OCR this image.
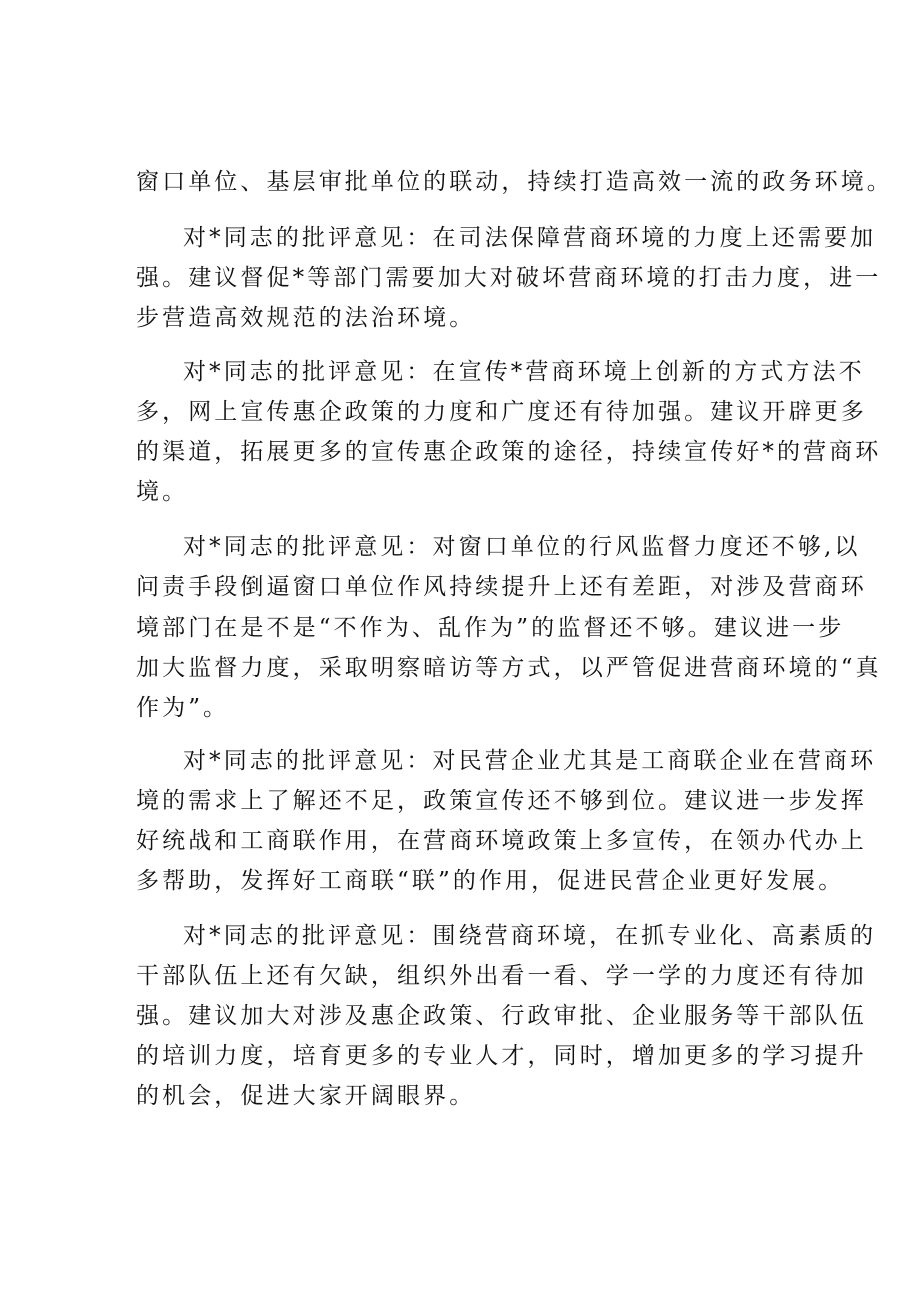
窗口单位、基层审批单位的联动，持续打造高效一流的政务环境。
对*同志的批评意见：在司法保障营商环境的力度上还需要加
强。建议督促*等部门需要加大对破坏营商环境的打击力度，进一
步营造高效规范的法治环境。
对*同志的批评意见：在宣传*营商环境上创新的方式方法不
多，网上宣传惠企政策的力度和广度还有待加强。建议开辟更多
的渠道，拓展更多的宣传惠企政策的途径，持续宣传好*的营商环
境。
对*同志的批评意见：对窗口单位的行风监督力度还不够,以
问责手段倒逼窗口单位作风持续提升上还有差距，对涉及营商环
境部门在是不是“不作为、乱作为”的监督还不够。建议进一步
加大监督力度，采取明察暗访等方式，以严管促进营商环境的“真
作为”。
对*同志的批评意见：对民营企业尤其是工商联企业在营商环
境的需求上了解还不足，政策宣传还不够到位。建议进一步发挥
好统战和工商联作用，在营商环境政策上多宣传，在领办代办上
多帮助，发挥好工商联“联”的作用，促进民营企业更好发展。
对*同志的批评意见：围绕营商环境，在抓专业化、高素质的
干部队伍上还有欠缺，组织外出看一看、学一学的力度还有待加
强。建议加大对涉及惠企政策、行政审批、企业服务等干部队伍
的培训力度，培育更多的专业人才，同时，增加更多的学习提升
的机会，促进大家开阔眼界。
